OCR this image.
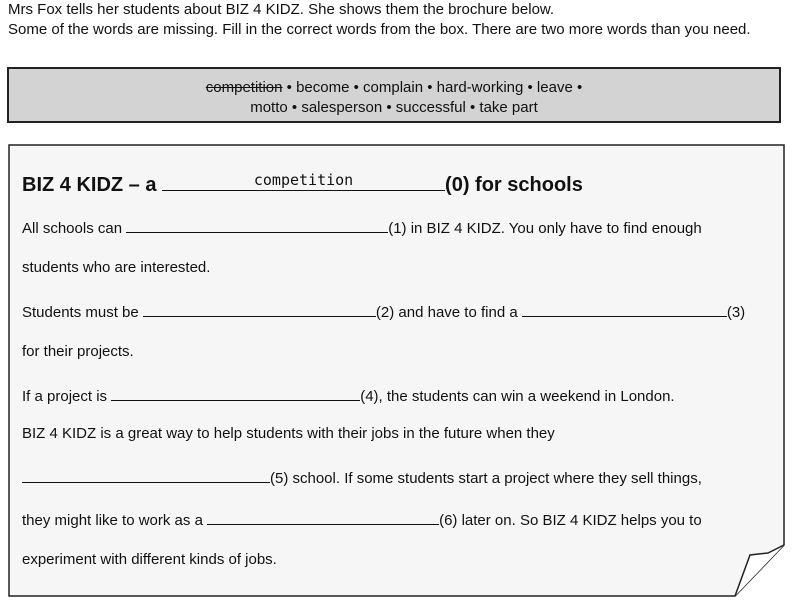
Mrs Fox tells her students about BIZ 4 KIDZ. She shows them the brochure below.

Some of the words are missing. Fill in the correct words from the box. There are two more words than you need.

competition • become • complain • hard-working • leave •
motto • salesperson • successful • take part
BIZ 4 KIDZ – a	competition	(0) for schools
All schools can	(1) in BIZ 4 KIDZ. You only have to find enough
students who are interested.
Students must be	(2) and have to find a	(3)
for their projects.
If a project is	(4), the students can win a weekend in London.
BIZ 4 KIDZ is a great way to help students with their jobs in the future when they
(5) school. If some students start a project where they sell things,
they might like to work as a	(6) later on. So BIZ 4 KIDZ helps you to
experiment with different kinds of jobs.
